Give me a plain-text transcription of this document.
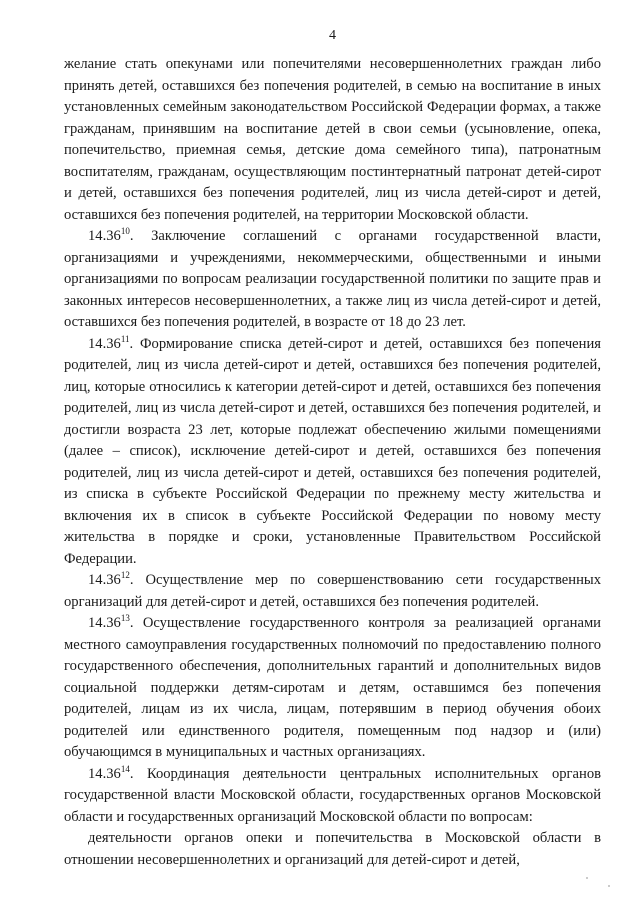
4

желание стать опекунами или попечителями несовершеннолетних граждан либо принять детей, оставшихся без попечения родителей, в семью на воспитание в иных установленных семейным законодательством Российской Федерации формах, а также гражданам, принявшим на воспитание детей в свои семьи (усыновление, опека, попечительство, приемная семья, детские дома семейного типа), патронатным воспитателям, гражданам, осуществляющим постинтернатный патронат детей-сирот и детей, оставшихся без попечения родителей, лиц из числа детей-сирот и детей, оставшихся без попечения родителей, на территории Московской области.

14.36$^{10}$. Заключение соглашений с органами государственной власти, организациями и учреждениями, некоммерческими, общественными и иными организациями по вопросам реализации государственной политики по защите прав и законных интересов несовершеннолетних, а также лиц из числа детей-сирот и детей, оставшихся без попечения родителей, в возрасте от 18 до 23 лет.

14.36$^{11}$. Формирование списка детей-сирот и детей, оставшихся без попечения родителей, лиц из числа детей-сирот и детей, оставшихся без попечения родителей, лиц, которые относились к категории детей-сирот и детей, оставшихся без попечения родителей, лиц из числа детей-сирот и детей, оставшихся без попечения родителей, и достигли возраста 23 лет, которые подлежат обеспечению жилыми помещениями (далее – список), исключение детей-сирот и детей, оставшихся без попечения родителей, лиц из числа детей-сирот и детей, оставшихся без попечения родителей, из списка в субъекте Российской Федерации по прежнему месту жительства и включения их в список в субъекте Российской Федерации по новому месту жительства в порядке и сроки, установленные Правительством Российской Федерации.

14.36$^{12}$. Осуществление мер по совершенствованию сети государственных организаций для детей-сирот и детей, оставшихся без попечения родителей.

14.36$^{13}$. Осуществление государственного контроля за реализацией органами местного самоуправления государственных полномочий по предоставлению полного государственного обеспечения, дополнительных гарантий и дополнительных видов социальной поддержки детям-сиротам и детям, оставшимся без попечения родителей, лицам из их числа, лицам, потерявшим в период обучения обоих родителей или единственного родителя, помещенным под надзор и (или) обучающимся в муниципальных и частных организациях.

14.36$^{14}$. Координация деятельности центральных исполнительных органов государственной власти Московской области, государственных органов Московской области и государственных организаций Московской области по вопросам:

деятельности органов опеки и попечительства в Московской области в отношении несовершеннолетних и организаций для детей-сирот и детей,
